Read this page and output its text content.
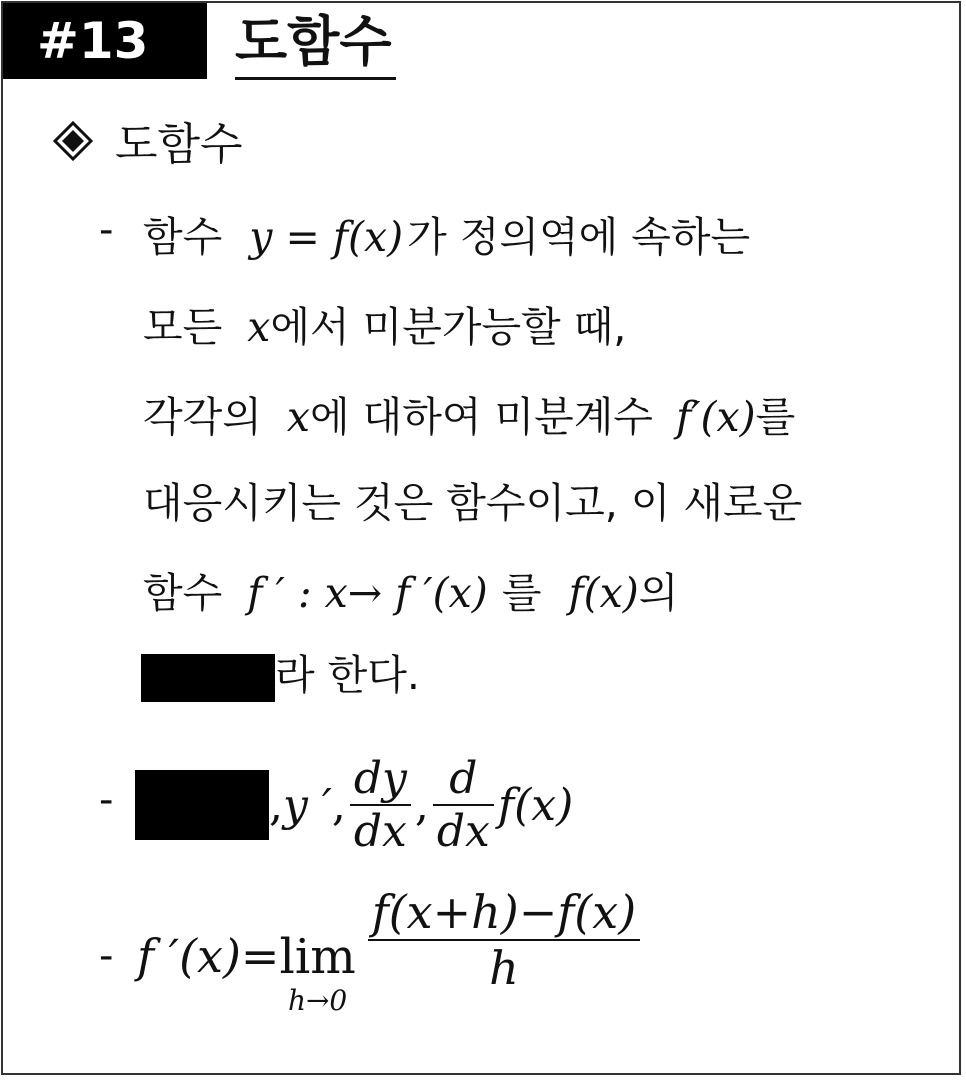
#13	도함수
도함수
- 함수 y = f(x)가 정의역에 속하는
모든 x에서 미분가능할 때,
각각의 x에 대하여 미분계수 f′(x)를
대응시키는 것은 함수이고, 이 새로운
함수 f ′ : x→ f ′(x) 를 f(x)의
라 한다.
-	, y ′ , $\frac{dy}{dx}$ , $\frac{d}{dx} f(x)$
- f ′(x)= lim
h→0
$\frac{f(x+h)-f(x)}{h}$
